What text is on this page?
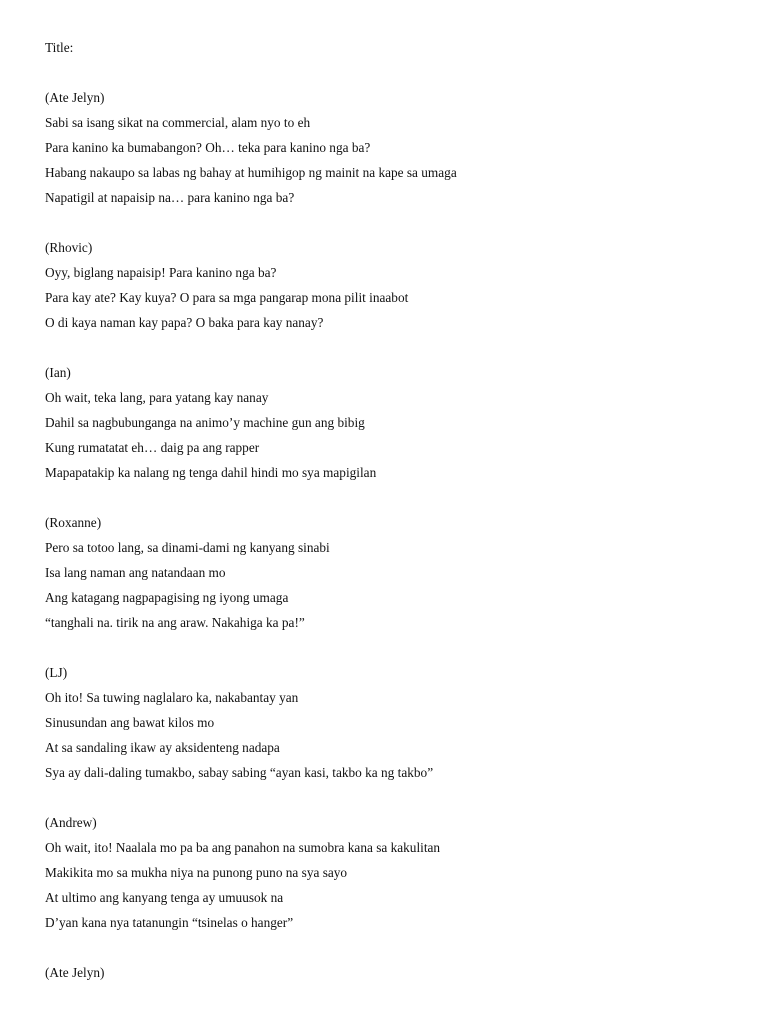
Title:
(Ate Jelyn)
Sabi sa isang sikat na commercial, alam nyo to eh
Para kanino ka bumabangon? Oh… teka para kanino nga ba?
Habang nakaupo sa labas ng bahay at humihigop ng mainit na kape sa umaga
Napatigil at napaisip na… para kanino nga ba?
(Rhovic)
Oyy, biglang napaisip! Para kanino nga ba?
Para kay ate? Kay kuya? O para sa mga pangarap mona pilit inaabot
O di kaya naman kay papa? O baka para kay nanay?
(Ian)
Oh wait, teka lang, para yatang kay nanay
Dahil sa nagbubunganga na animo’y machine gun ang bibig
Kung rumatatat eh… daig pa ang rapper
Mapapatakip ka nalang ng tenga dahil hindi mo sya mapigilan
(Roxanne)
Pero sa totoo lang, sa dinami-dami ng kanyang sinabi
Isa lang naman ang natandaan mo
Ang katagang nagpapagising ng iyong umaga
“tanghali na. tirik na ang araw. Nakahiga ka pa!”
(LJ)
Oh ito! Sa tuwing naglalaro ka, nakabantay yan
Sinusundan ang bawat kilos mo
At sa sandaling ikaw ay aksidenteng nadapa
Sya ay dali-daling tumakbo, sabay sabing “ayan kasi, takbo ka ng takbo”
(Andrew)
Oh wait, ito! Naalala mo pa ba ang panahon na sumobra kana sa kakulitan
Makikita mo sa mukha niya na punong puno na sya sayo
At ultimo ang kanyang tenga ay umuusok na
D’yan kana nya tatanungin “tsinelas o hanger”
(Ate Jelyn)
